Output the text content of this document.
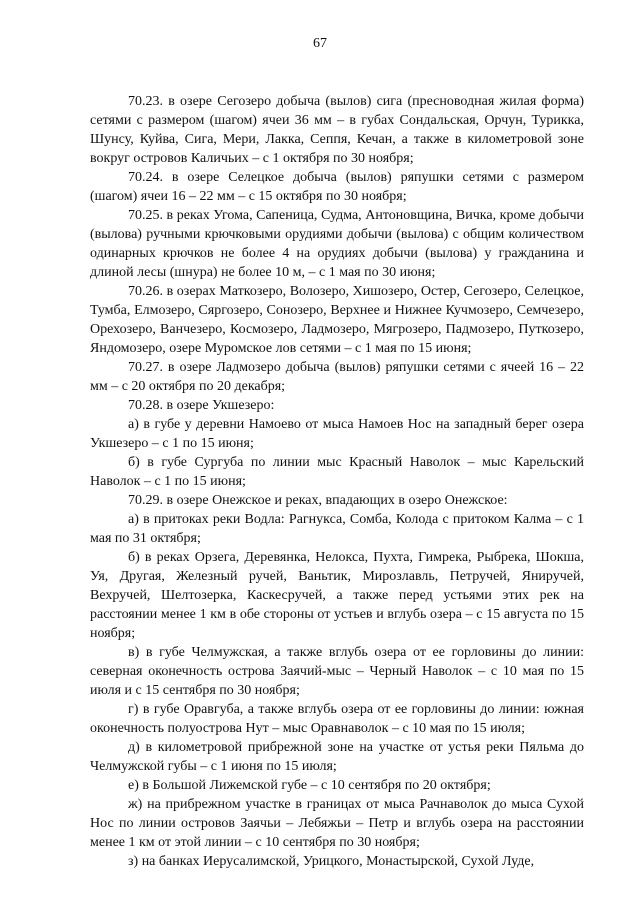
67

70.23. в озере Сегозеро добыча (вылов) сига (пресноводная жилая форма) сетями с размером (шагом) ячеи 36 мм – в губах Сондальская, Орчун, Турикка, Шунсу, Куйва, Сига, Мери, Лакка, Сеппя, Кечан, а также в километровой зоне вокруг островов Каличьих – с 1 октября по 30 ноября;

70.24. в озере Селецкое добыча (вылов) ряпушки сетями с размером (шагом) ячеи 16 – 22 мм – с 15 октября по 30 ноября;

70.25. в реках Угома, Сапеница, Судма, Антоновщина, Вичка, кроме добычи (вылова) ручными крючковыми орудиями добычи (вылова) с общим количеством одинарных крючков не более 4 на орудиях добычи (вылова) у гражданина и длиной лесы (шнура) не более 10 м, – с 1 мая по 30 июня;

70.26. в озерах Маткозеро, Волозеро, Хишозеро, Остер, Сегозеро, Селецкое, Тумба, Елмозеро, Сяргозеро, Сонозеро, Верхнее и Нижнее Кучмозеро, Семчезеро, Орехозеро, Ванчезеро, Космозеро, Ладмозеро, Мягрозеро, Падмозеро, Путкозеро, Яндомозеро, озере Муромское лов сетями – с 1 мая по 15 июня;

70.27. в озере Ладмозеро добыча (вылов) ряпушки сетями с ячеей 16 – 22 мм – с 20 октября по 20 декабря;

70.28. в озере Укшезеро:

а) в губе у деревни Намоево от мыса Намоев Нос на западный берег озера Укшезеро – с 1 по 15 июня;

б) в губе Сургуба по линии мыс Красный Наволок – мыс Карельский Наволок – с 1 по 15 июня;

70.29. в озере Онежское и реках, впадающих в озеро Онежское:

а) в притоках реки Водла: Рагнукса, Сомба, Колода с притоком Калма – с 1 мая по 31 октября;

б) в реках Орзега, Деревянка, Нелокса, Пухта, Гимрека, Рыбрека, Шокша, Уя, Другая, Железный ручей, Ваньтик, Мирозлавль, Петручей, Яниручей, Вехручей, Шелтозерка, Каскесручей, а также перед устьями этих рек на расстоянии менее 1 км в обе стороны от устьев и вглубь озера – с 15 августа по 15 ноября;

в) в губе Челмужская, а также вглубь озера от ее горловины до линии: северная оконечность острова Заячий-мыс – Черный Наволок – с 10 мая по 15 июля и с 15 сентября по 30 ноября;

г) в губе Оравгуба, а также вглубь озера от ее горловины до линии: южная оконечность полуострова Нут – мыс Оравнаволок – с 10 мая по 15 июля;

д) в километровой прибрежной зоне на участке от устья реки Пяльма до Челмужской губы – с 1 июня по 15 июля;

е) в Большой Лижемской губе – с 10 сентября по 20 октября;

ж) на прибрежном участке в границах от мыса Рачнаволок до мыса Сухой Нос по линии островов Заячьи – Лебяжьи – Петр и вглубь озера на расстоянии менее 1 км от этой линии – с 10 сентября по 30 ноября;

з) на банках Иерусалимской, Урицкого, Монастырской, Сухой Луде,
